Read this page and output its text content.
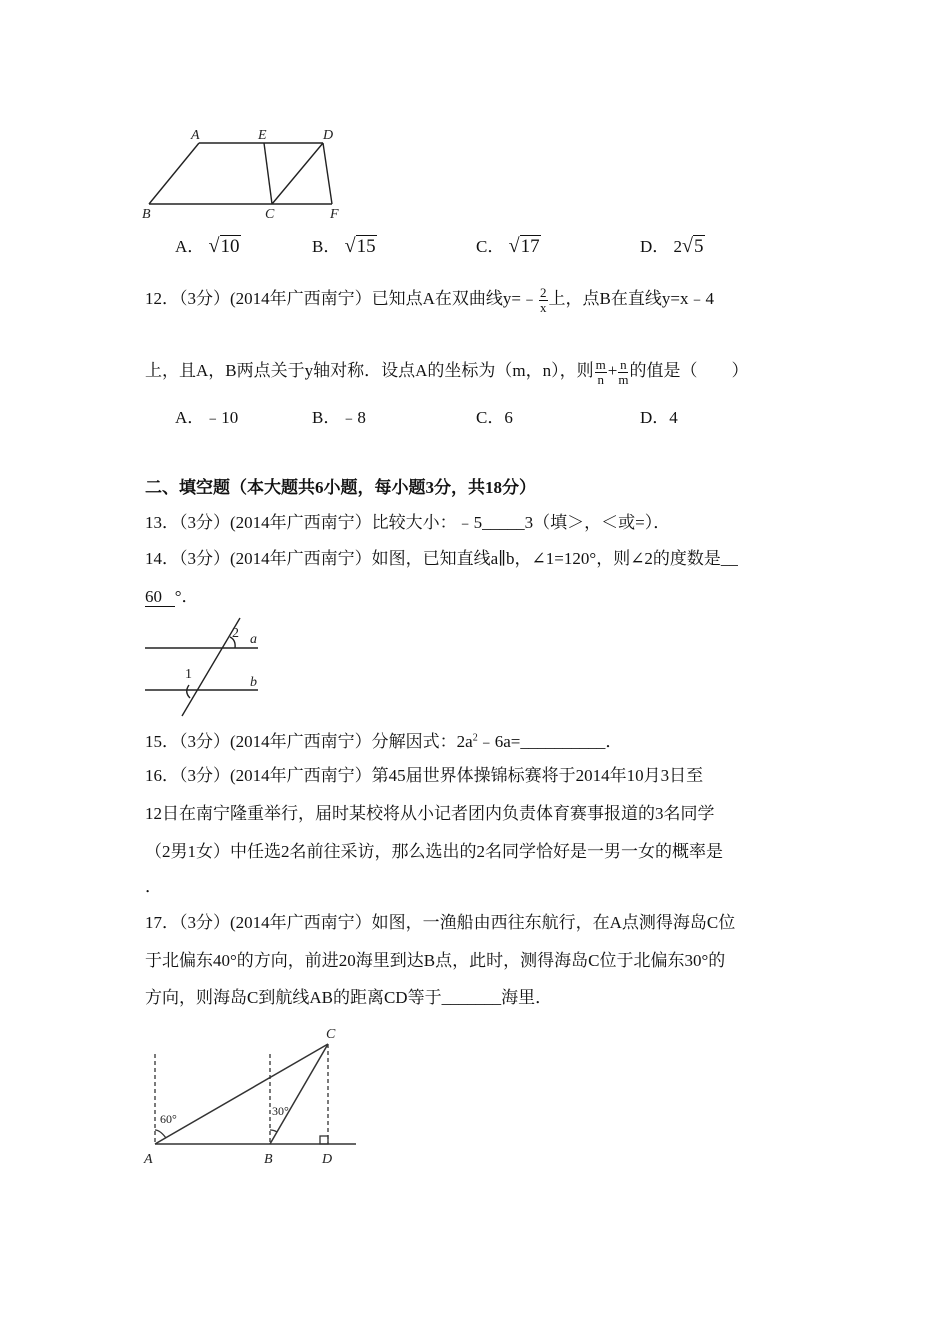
A	E	D
B	C	F
A． √10	B． √15	C． √17	D． 2√5
12．（3分）(2014年广西南宁）已知点A在双曲线y=﹣ $\frac{2}{x}$ 上，点B在直线y=x﹣4
上，且A，B两点关于y轴对称．设点A的坐标为（m，n），则 $\frac{m}{n} + \frac{n}{m}$ 的值是（　　）
A．﹣10	B．﹣8	C．6	D．4
二、填空题（本大题共6小题，每小题3分，共18分）
13．（3分）(2014年广西南宁）比较大小：﹣5_____3（填＞，＜或=）．
14．（3分）(2014年广西南宁）如图，已知直线a∥b，∠1=120°，则∠2的度数是__
60 °．
2 a
1
b
15．（3分）(2014年广西南宁）分解因式：$2a^2﹣6a=\_\_\_\_\_\_\_\_\_\_$．
16．（3分）(2014年广西南宁）第45届世界体操锦标赛将于2014年10月3日至
12日在南宁隆重举行，届时某校将从小记者团内负责体育赛事报道的3名同学
（2男1女）中任选2名前往采访，那么选出的2名同学恰好是一男一女的概率是
．
17．（3分）(2014年广西南宁）如图，一渔船由西往东航行，在A点测得海岛C位
于北偏东40°的方向，前进20海里到达B点，此时，测得海岛C位于北偏东30°的
方向，则海岛C到航线AB的距离CD等于_______海里．
C
60°
30°
A	B	D
